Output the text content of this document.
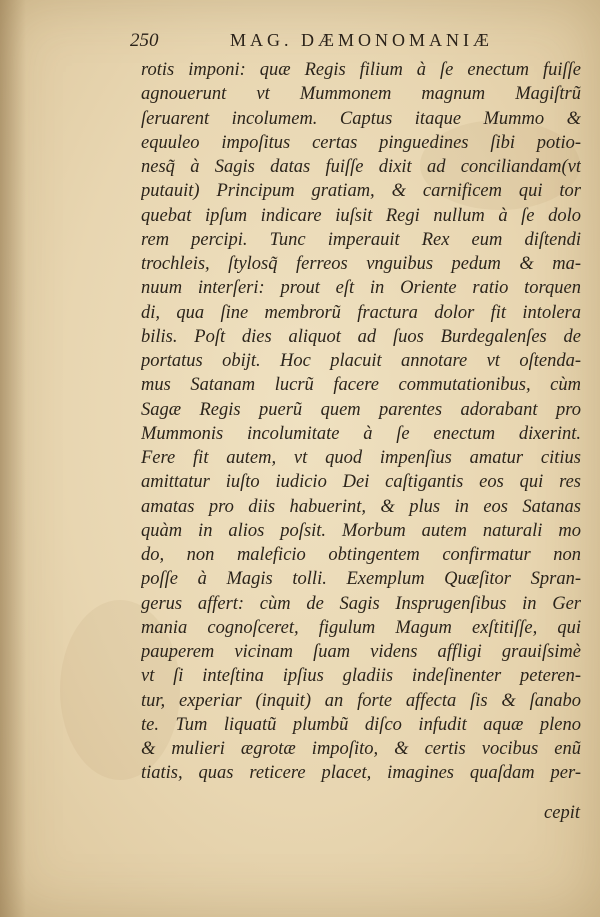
250	MAG. DÆMONOMANIÆ
rotis imponi: quæ Regis filium à ſe enectum fuiſſe
agnouerunt vt Mummonem magnum Magiſtrũ
ſeruarent incolumem. Captus itaque Mummo &
equuleo impoſitus certas pinguedines ſibi potio-
nesq̃ à Sagis datas fuiſſe dixit ad conciliandam(vt
putauit) Principum gratiam, & carnificem qui tor
quebat ipſum indicare iuſsit Regi nullum à ſe dolo
rem percipi. Tunc imperauit Rex eum diſtendi
trochleis, ſtylosq̃ ferreos vnguibus pedum & ma-
nuum interſeri: prout eſt in Oriente ratio torquen
di, qua ſine membrorũ fractura dolor fit intolera
bilis. Poſt dies aliquot ad ſuos Burdegalenſes de
portatus obijt. Hoc placuit annotare vt oſtenda-
mus Satanam lucrũ facere commutationibus, cùm
Sagæ Regis puerũ quem parentes adorabant pro
Mummonis incolumitate à ſe enectum dixerint.
Fere fit autem, vt quod impenſius amatur citius
amittatur iuſto iudicio Dei caſtigantis eos qui res
amatas pro diis habuerint, & plus in eos Satanas
quàm in alios poſsit. Morbum autem naturali mo
do, non maleficio obtingentem confirmatur non
poſſe à Magis tolli. Exemplum Quæſitor Spran-
gerus affert: cùm de Sagis Insprugenſibus in Ger
mania cognoſceret, figulum Magum exſtitiſſe, qui
pauperem vicinam ſuam videns affligi grauiſsimè
vt ſi inteſtina ipſius gladiis indeſinenter peteren-
tur, experiar (inquit) an forte affecta ſis & ſanabo
te. Tum liquatũ plumbũ diſco infudit aquæ pleno
& mulieri ægrotæ impoſito, & certis vocibus enũ
tiatis, quas reticere placet, imagines quaſdam per-
cepit
